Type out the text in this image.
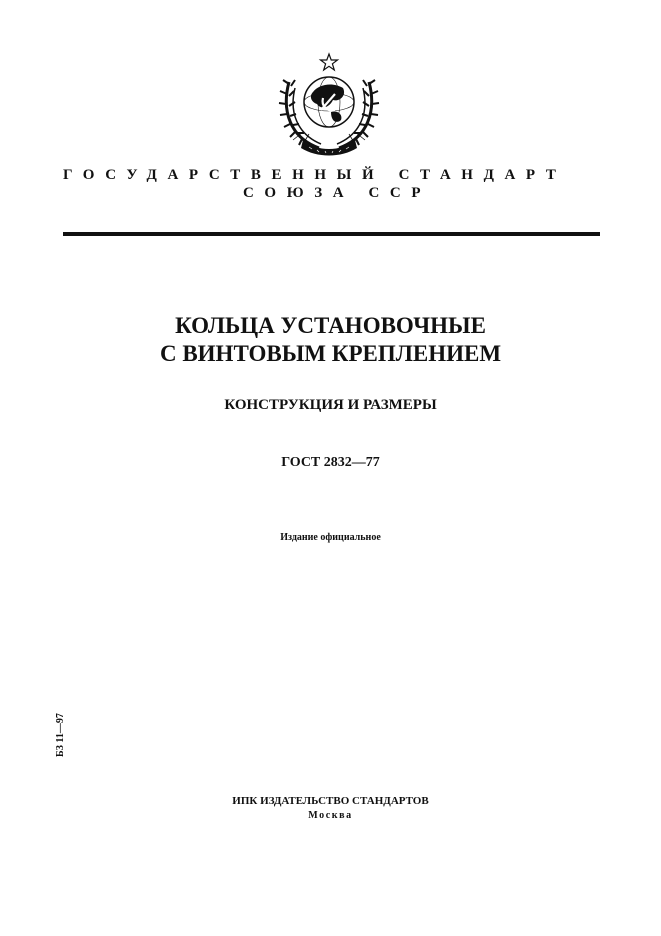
ГОСУДАРСТВЕННЫЙ СТАНДАРТ
СОЮЗА ССР
КОЛЬЦА УСТАНОВОЧНЫЕ
С ВИНТОВЫМ КРЕПЛЕНИЕМ
КОНСТРУКЦИЯ И РАЗМЕРЫ
ГОСТ 2832—77
Издание официальное
БЗ 11—97
ИПК ИЗДАТЕЛЬСТВО СТАНДАРТОВ
Москва
